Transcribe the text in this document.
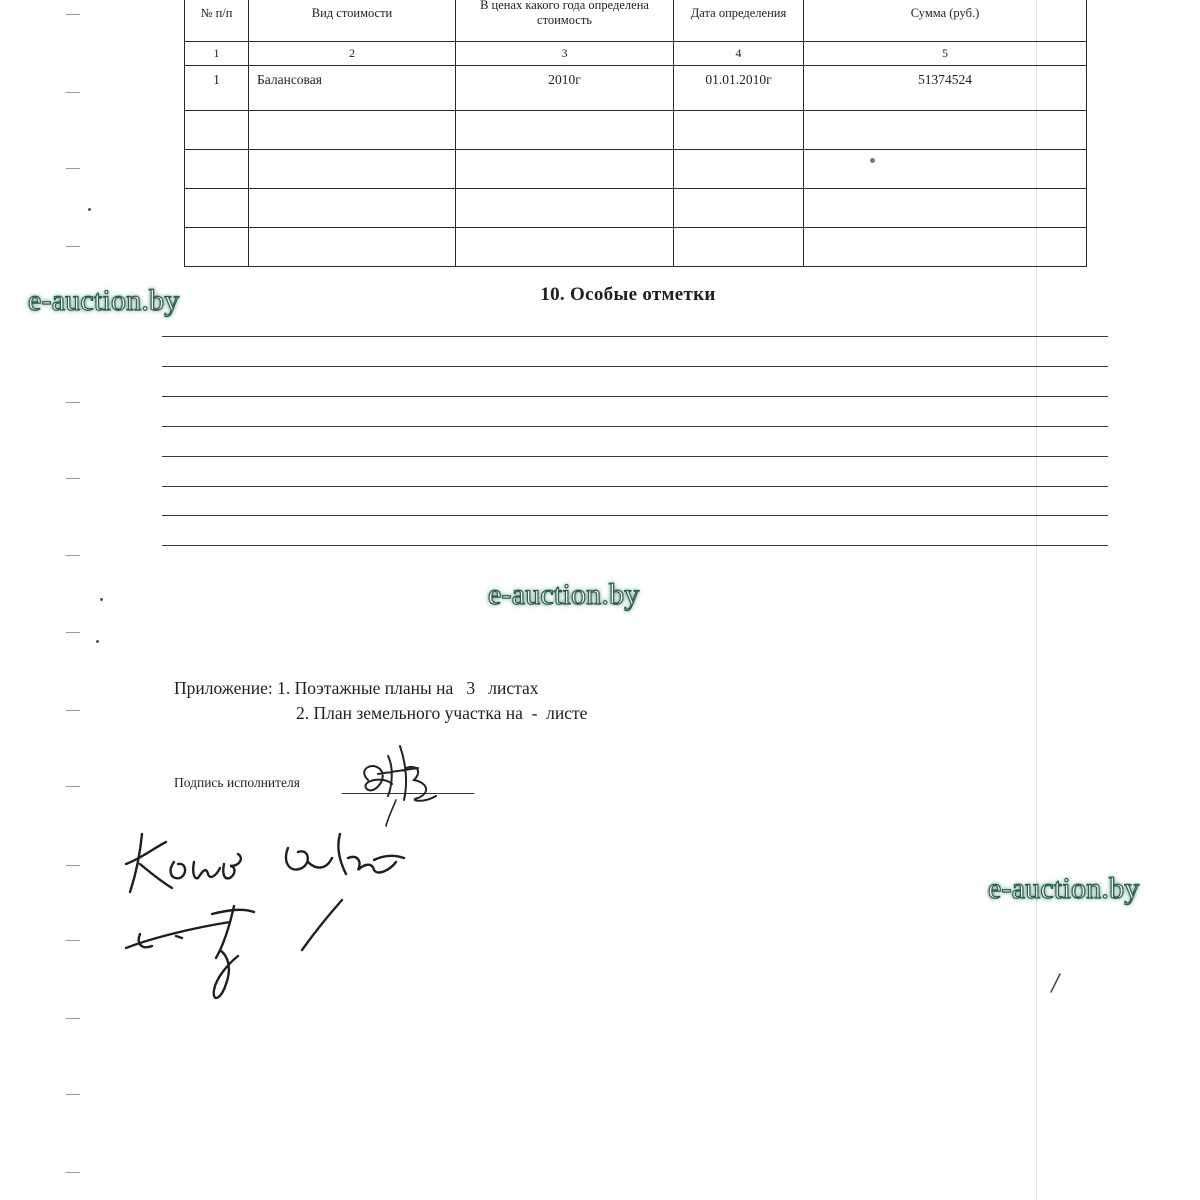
№ п/п	Вид стоимости	В ценах какого года определена стоимость	Дата определения	Сумма (руб.)
1	2	3	4	5
1	Балансовая	2010г	01.01.2010г	51374524

10. Особые отметки
e-auction.by
e-auction.by
e-auction.by
Приложение: 1. Поэтажные планы на   3   листах
2. План земельного участка на  -  листе
Подпись исполнителя
